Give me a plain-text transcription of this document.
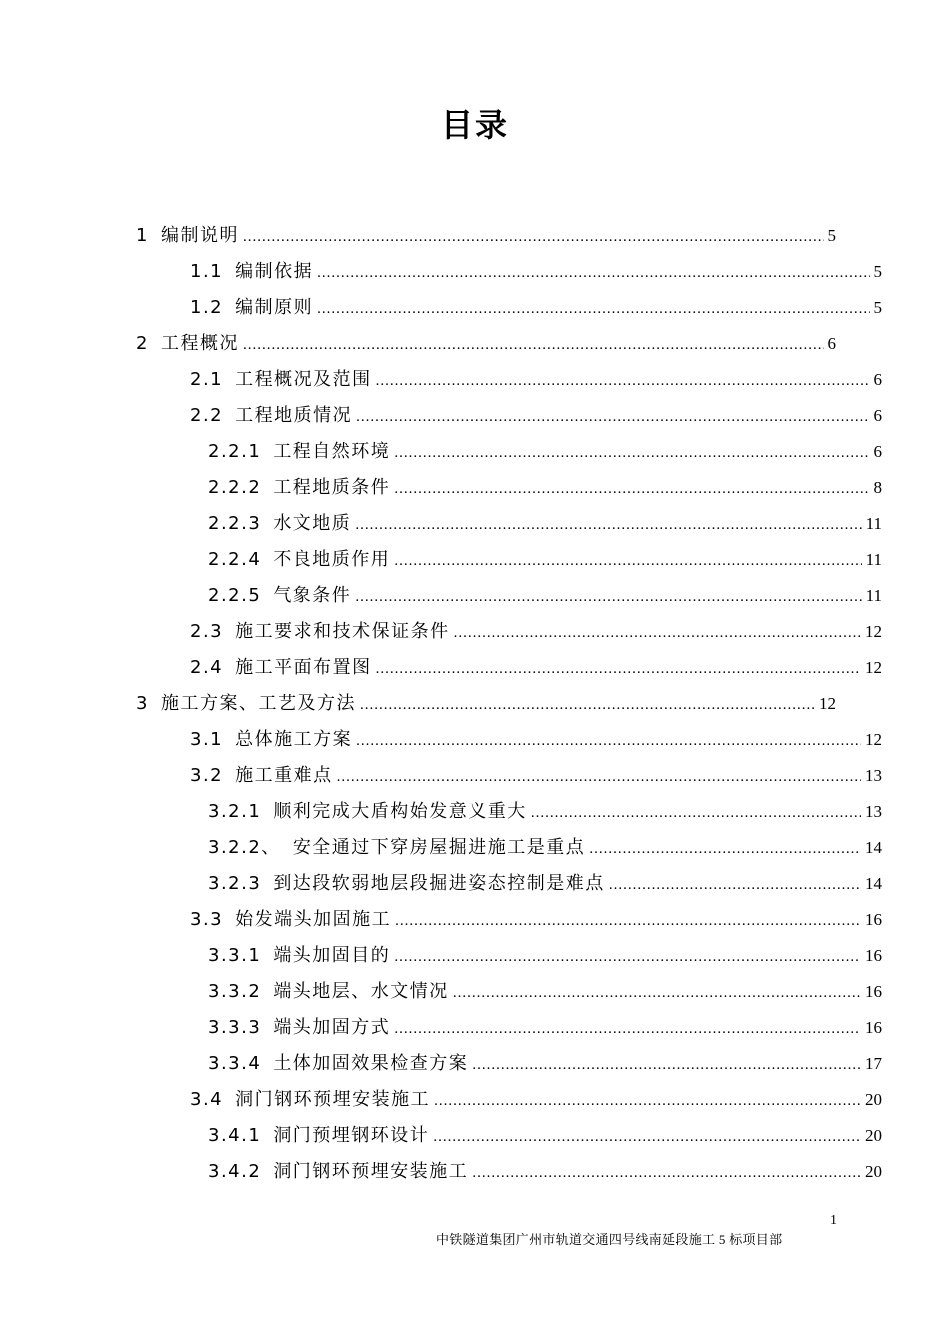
目录
1 编制说明 .....	5
1.1 编制依据 .....	5
1.2 编制原则 .....	5
2 工程概况 .....	6
2.1 工程概况及范围 .....	6
2.2 工程地质情况 .....	6
2.2.1 工程自然环境 .....	6
2.2.2 工程地质条件 .....	8
2.2.3 水文地质 .....	11
2.2.4 不良地质作用 .....	11
2.2.5 气象条件 .....	11
2.3 施工要求和技术保证条件 .....	12
2.4 施工平面布置图 .....	12
3 施工方案、工艺及方法 .....	12
3.1 总体施工方案 .....	12
3.2 施工重难点 .....	13
3.2.1 顺利完成大盾构始发意义重大 .....	13
3.2.2、 安全通过下穿房屋掘进施工是重点 .....	14
3.2.3 到达段软弱地层段掘进姿态控制是难点 .....	14
3.3 始发端头加固施工 .....	16
3.3.1 端头加固目的 .....	16
3.3.2 端头地层、水文情况 .....	16
3.3.3 端头加固方式 .....	16
3.3.4 土体加固效果检查方案 .....	17
3.4 洞门钢环预埋安装施工 .....	20
3.4.1 洞门预埋钢环设计 .....	20
3.4.2 洞门钢环预埋安装施工 .....	20
1
中铁隧道集团广州市轨道交通四号线南延段施工 5 标项目部
